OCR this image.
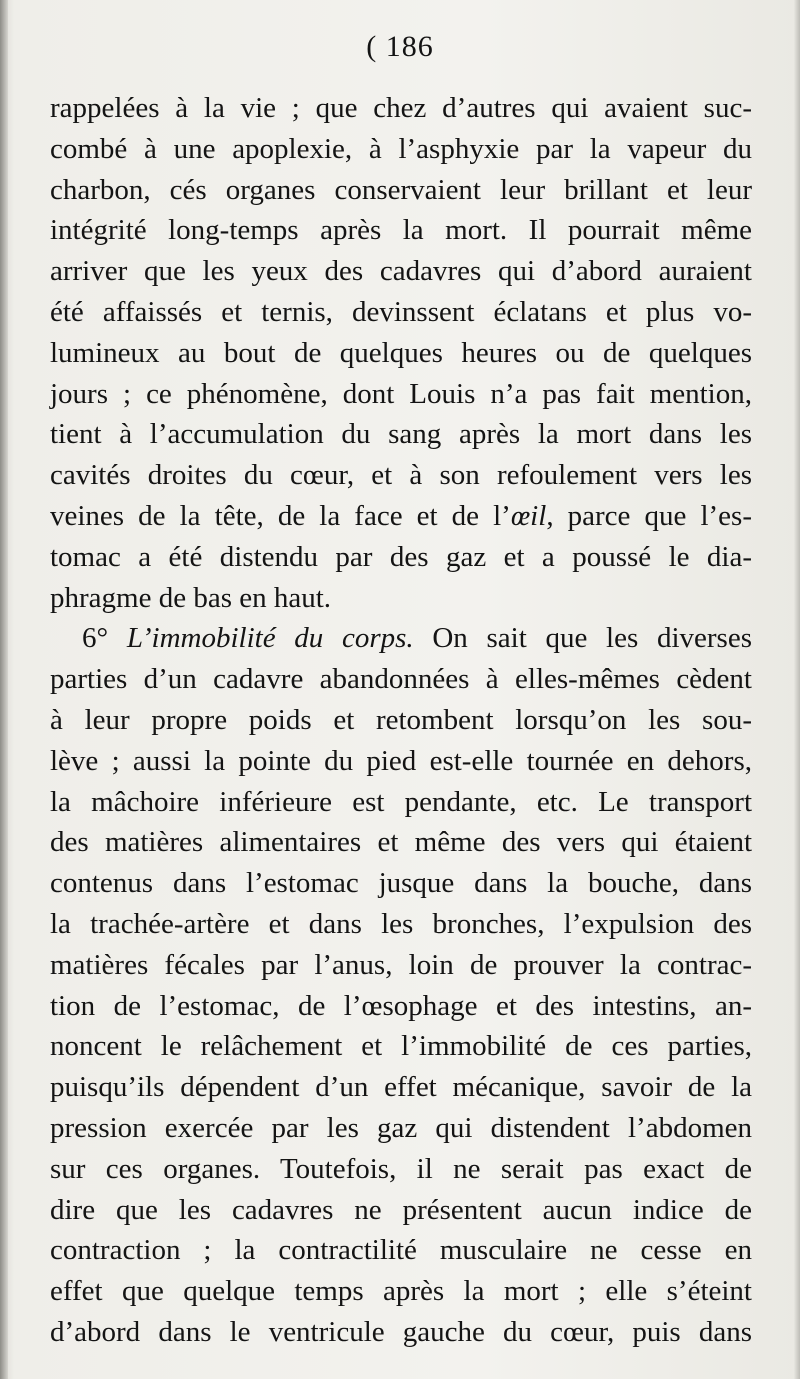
( 186
rappelées à la vie ; que chez d’autres qui avaient suc-
combé à une apoplexie, à l’asphyxie par la vapeur du
charbon, cés organes conservaient leur brillant et leur
intégrité long-temps après la mort. Il pourrait même
arriver que les yeux des cadavres qui d’abord auraient
été affaissés et ternis, devinssent éclatans et plus vo-
lumineux au bout de quelques heures ou de quelques
jours ; ce phénomène, dont Louis n’a pas fait mention,
tient à l’accumulation du sang après la mort dans les
cavités droites du cœur, et à son refoulement vers les
veines de la tête, de la face et de l’œil, parce que l’es-
tomac a été distendu par des gaz et a poussé le dia-
phragme de bas en haut.
6° L’immobilité du corps. On sait que les diverses
parties d’un cadavre abandonnées à elles-mêmes cèdent
à leur propre poids et retombent lorsqu’on les sou-
lève ; aussi la pointe du pied est-elle tournée en dehors,
la mâchoire inférieure est pendante, etc. Le transport
des matières alimentaires et même des vers qui étaient
contenus dans l’estomac jusque dans la bouche, dans
la trachée-artère et dans les bronches, l’expulsion des
matières fécales par l’anus, loin de prouver la contrac-
tion de l’estomac, de l’œsophage et des intestins, an-
noncent le relâchement et l’immobilité de ces parties,
puisqu’ils dépendent d’un effet mécanique, savoir de la
pression exercée par les gaz qui distendent l’abdomen
sur ces organes. Toutefois, il ne serait pas exact de
dire que les cadavres ne présentent aucun indice de
contraction ; la contractilité musculaire ne cesse en
effet que quelque temps après la mort ; elle s’éteint
d’abord dans le ventricule gauche du cœur, puis dans
